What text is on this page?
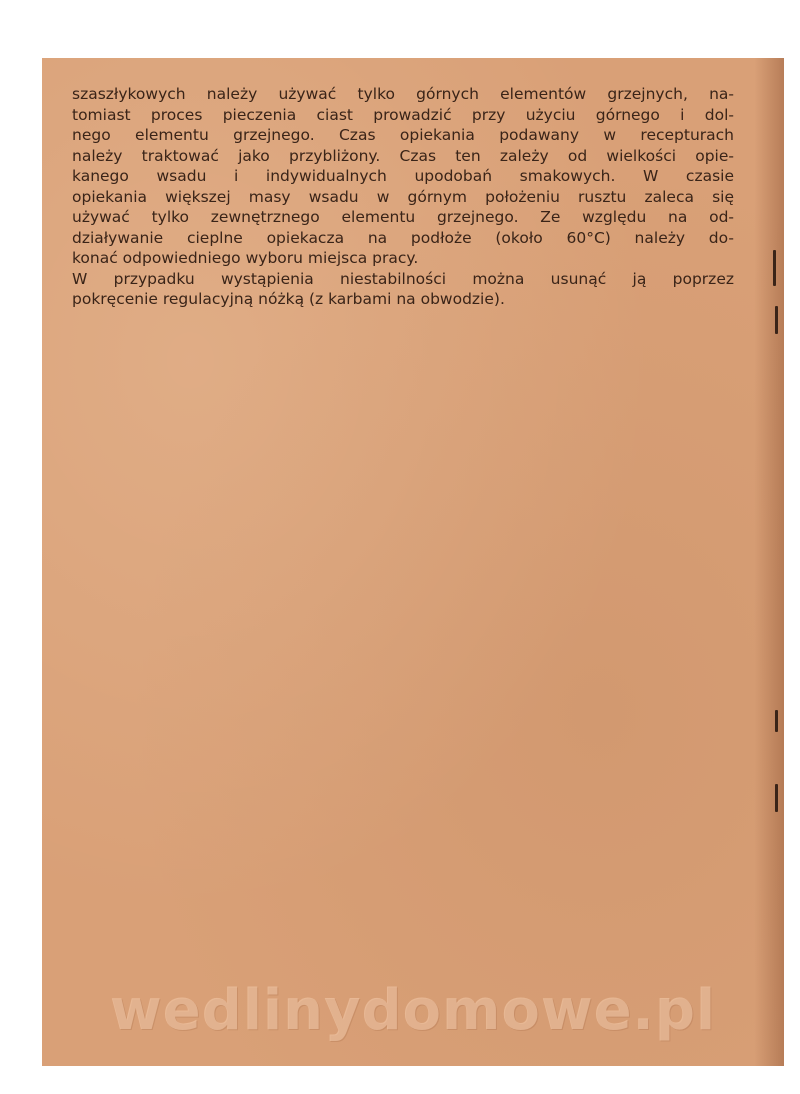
szaszłykowych należy używać tylko górnych elementów grzejnych, na-
tomiast proces pieczenia ciast prowadzić przy użyciu górnego i dol-
nego elementu grzejnego. Czas opiekania podawany w recepturach
należy traktować jako przybliżony. Czas ten zależy od wielkości opie-
kanego wsadu i indywidualnych upodobań smakowych. W czasie
opiekania większej masy wsadu w górnym położeniu rusztu zaleca się
używać tylko zewnętrznego elementu grzejnego. Ze względu na od-
działywanie cieplne opiekacza na podłoże (około 60°C) należy do-
konać odpowiedniego wyboru miejsca pracy.
W przypadku wystąpienia niestabilności można usunąć ją poprzez
pokręcenie regulacyjną nóżką (z karbami na obwodzie).

wedlinydomowe.pl
